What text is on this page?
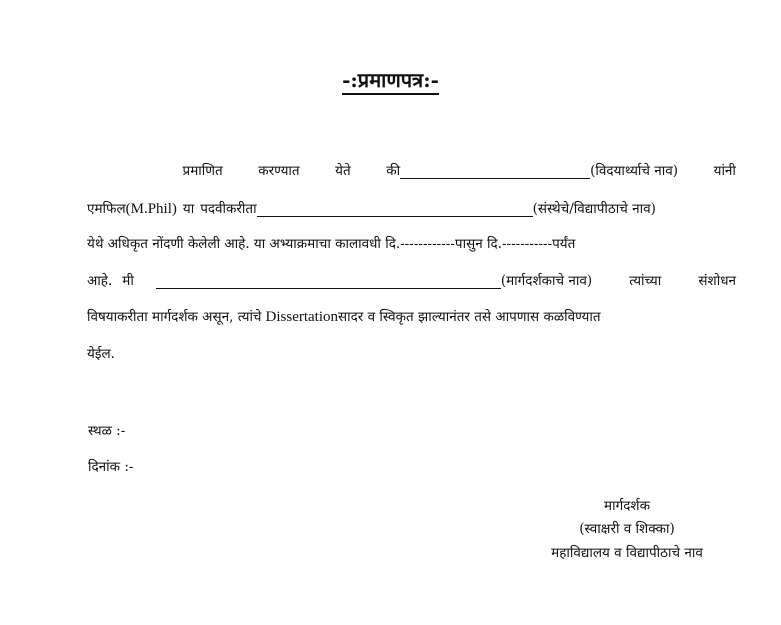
-:प्रमाणपत्र:-
प्रमाणित	करण्यात	येते	की	(विदयार्थ्याचे नाव)	यांनी
एमफिल (M.Phil) या पदवीकरीता	(संस्थेचे/विद्यापीठाचे नाव)
येथे अधिकृत नोंदणी केलेली आहे. या अभ्याक्रमाचा कालावधी दि. ------------ पासुन दि. ----------- पर्यंत
आहे. मी	(मार्गदर्शकाचे नाव)	त्यांच्या	संशोधन
विषयाकरीता मार्गदर्शक असून, त्यांचे Dissertation सादर व स्विकृत झाल्यानंतर तसे आपणास कळविण्यात
येईल.
स्थळ :-
दिनांक :-
मार्गदर्शक
(स्वाक्षरी व शिक्का)
महाविद्यालय व विद्यापीठाचे नाव
